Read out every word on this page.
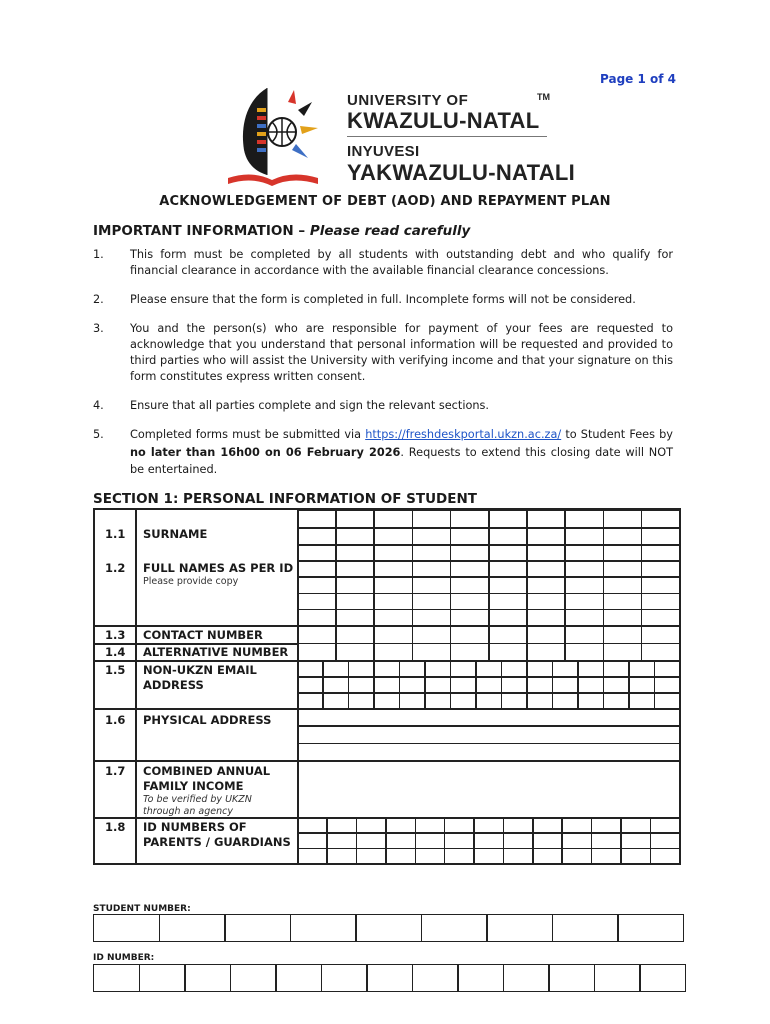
Page 1 of 4
UNIVERSITY OF	TM
KWAZULU-NATAL
INYUVESI
YAKWAZULU-NATALI
ACKNOWLEDGEMENT OF DEBT (AOD) AND REPAYMENT PLAN
IMPORTANT INFORMATION – Please read carefully
1. This form must be completed by all students with outstanding debt and who qualify for financial clearance in accordance with the available financial clearance concessions.
2. Please ensure that the form is completed in full. Incomplete forms will not be considered.
3. You and the person(s) who are responsible for payment of your fees are requested to acknowledge that you understand that personal information will be requested and provided to third parties who will assist the University with verifying income and that your signature on this form constitutes express written consent.
4. Ensure that all parties complete and sign the relevant sections.
5. Completed forms must be submitted via https://freshdeskportal.ukzn.ac.za/ to Student Fees by no later than 16h00 on 06 February 2026. Requests to extend this closing date will NOT be entertained.
SECTION 1: PERSONAL INFORMATION OF STUDENT
1.1 SURNAME
1.2 FULL NAMES AS PER ID
Please provide copy
1.3 CONTACT NUMBER
1.4 ALTERNATIVE NUMBER
1.5 NON-UKZN EMAIL ADDRESS
1.6 PHYSICAL ADDRESS
1.7 COMBINED ANNUAL FAMILY INCOME
To be verified by UKZN through an agency
1.8 ID NUMBERS OF PARENTS / GUARDIANS
STUDENT NUMBER:
ID NUMBER:
